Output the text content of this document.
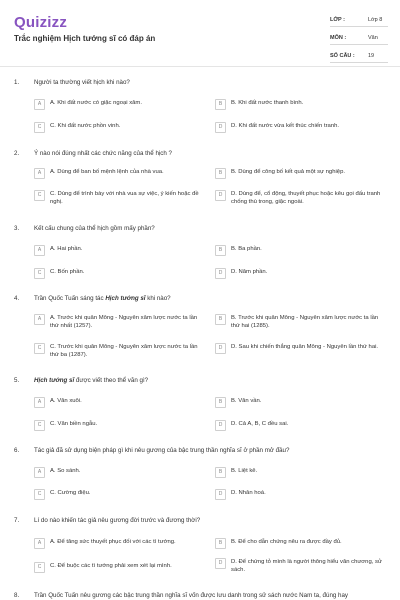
Quizizz
Trắc nghiệm Hịch tướng sĩ có đáp án
LỚP :	Lớp 8
MÔN :	Văn
SỐ CÂU : 19
1. Người ta thường viết hịch khi nào?
A	A. Khi đất nước có giặc ngoại xâm.	B	B. Khi đất nước thanh bình.
C	C. Khi đất nước phồn vinh.	D	D. Khi đất nước vừa kết thúc chiến tranh.
2. Ý nào nói đúng nhất các chức năng của thể hịch ?
A	A. Dùng để ban bố mệnh lệnh của nhà vua.	B	B. Dùng để công bố kết quả một sự nghiệp.
C	C. Dùng để trình bày với nhà vua sự việc, ý kiến hoặc đề nghị.
D	D. Dùng để, cổ động, thuyết phục hoặc kêu gọi đấu tranh chống thù trong, giặc ngoài.
3. Kết cấu chung của thể hịch gồm mấy phần?
A	A. Hai phần.	B	B. Ba phần.
C	C. Bốn phần.	D	D. Năm phần.
4. Trần Quốc Tuấn sáng tác Hịch tướng sĩ khi nào?
A	A. Trước khi quân Mông - Nguyên xâm lược nước ta lần thứ nhất (1257).
B	B. Trước khi quân Mông - Nguyên xâm lược nước ta lần thứ hai (1285).
C	C. Trước khi quân Mông - Nguyên xâm lược nước ta lần thứ ba (1287).
D	D. Sau khi chiến thắng quân Mông - Nguyên lần thứ hai.
5. Hịch tướng sĩ được viết theo thể văn gì?
A	A. Văn xuôi.	B	B. Văn vần.
C	C. Văn biền ngẫu.	D	D. Cả A, B, C đều sai.
6. Tác giả đã sử dụng biện pháp gì khi nêu gương của bậc trung thần nghĩa sĩ ở phần mở đầu?
A	A. So sánh.	B	B. Liệt kê.
C	C. Cường điệu.	D	D. Nhân hoá.
7. Lí do nào khiến tác giả nêu gương đời trước và đương thời?
A	A. Để tăng sức thuyết phục đối với các tì tướng.	B	B. Để cho dẫn chứng nêu ra được đầy đủ.
C	C. Để buộc các tì tướng phải xem xét lại mình.	D	D. Để chứng tỏ mình là người thông hiểu văn chương, sử sách.
8. Trần Quốc Tuấn nêu gương các bậc trung thần nghĩa sĩ vốn được lưu danh trong sử sách nước Nam ta, đúng hay
